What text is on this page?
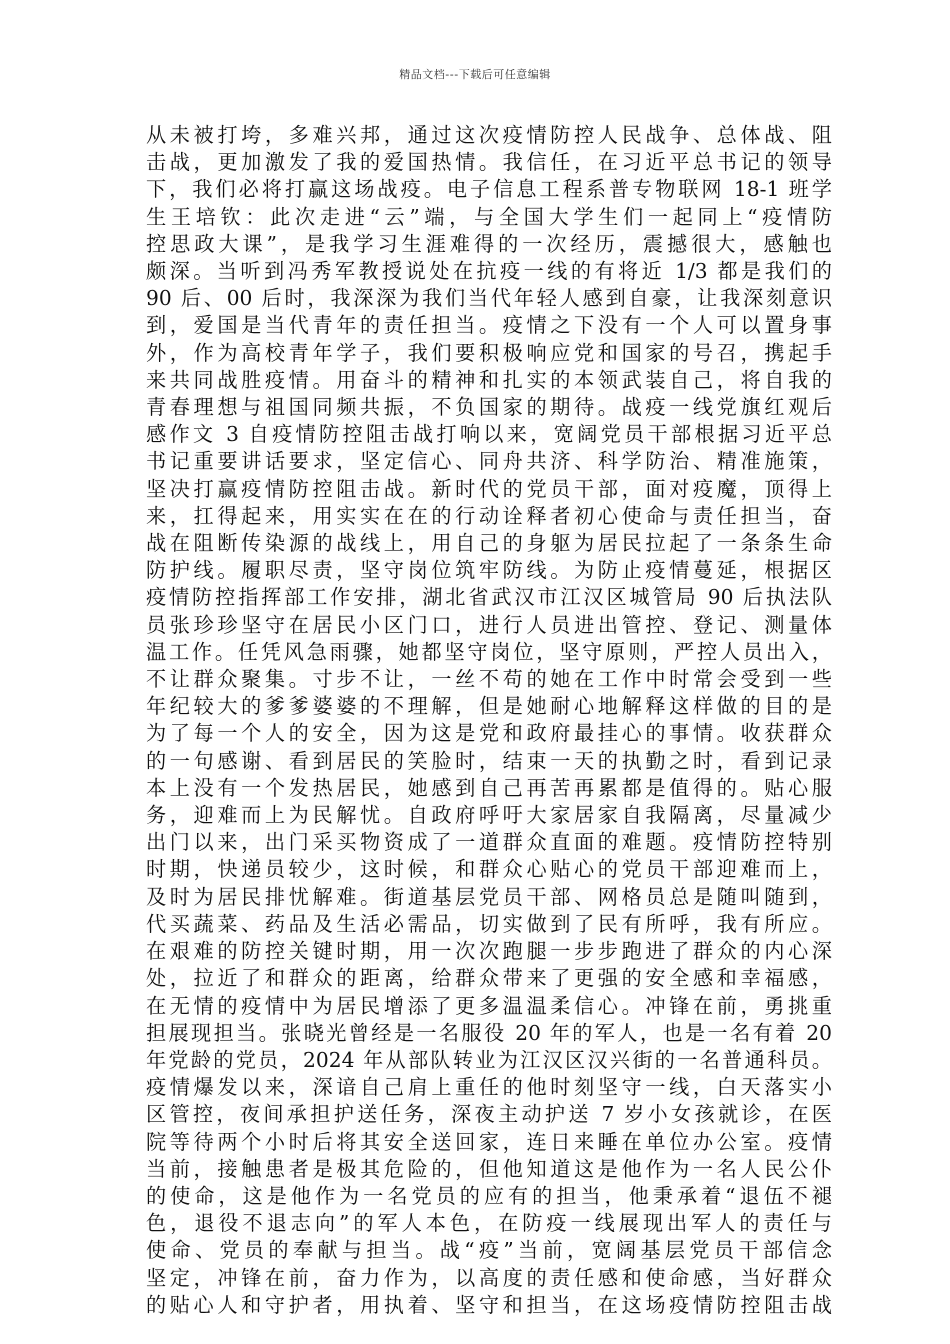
精品文档---下载后可任意编辑
从未被打垮，多难兴邦，通过这次疫情防控人民战争、总体战、阻
击战，更加激发了我的爱国热情。我信任，在习近平总书记的领导
下，我们必将打赢这场战疫。电子信息工程系普专物联网 18-1 班学
生王培钦：此次走进“云”端，与全国大学生们一起同上“疫情防
控思政大课”，是我学习生涯难得的一次经历，震撼很大，感触也
颇深。当听到冯秀军教授说处在抗疫一线的有将近 1/3 都是我们的
90 后、00 后时，我深深为我们当代年轻人感到自豪，让我深刻意识
到，爱国是当代青年的责任担当。疫情之下没有一个人可以置身事
外，作为高校青年学子，我们要积极响应党和国家的号召，携起手
来共同战胜疫情。用奋斗的精神和扎实的本领武装自己，将自我的
青春理想与祖国同频共振，不负国家的期待。战疫一线党旗红观后
感作文 3 自疫情防控阻击战打响以来，宽阔党员干部根据习近平总
书记重要讲话要求，坚定信心、同舟共济、科学防治、精准施策，
坚决打赢疫情防控阻击战。新时代的党员干部，面对疫魔，顶得上
来，扛得起来，用实实在在的行动诠释者初心使命与责任担当，奋
战在阻断传染源的战线上，用自己的身躯为居民拉起了一条条生命
防护线。履职尽责，坚守岗位筑牢防线。为防止疫情蔓延，根据区
疫情防控指挥部工作安排，湖北省武汉市江汉区城管局 90 后执法队
员张珍珍坚守在居民小区门口，进行人员进出管控、登记、测量体
温工作。任凭风急雨骤，她都坚守岗位，坚守原则，严控人员出入，
不让群众聚集。寸步不让，一丝不苟的她在工作中时常会受到一些
年纪较大的爹爹婆婆的不理解，但是她耐心地解释这样做的目的是
为了每一个人的安全，因为这是党和政府最挂心的事情。收获群众
的一句感谢、看到居民的笑脸时，结束一天的执勤之时，看到记录
本上没有一个发热居民，她感到自己再苦再累都是值得的。贴心服
务，迎难而上为民解忧。自政府呼吁大家居家自我隔离，尽量减少
出门以来，出门采买物资成了一道群众直面的难题。疫情防控特别
时期，快递员较少，这时候，和群众心贴心的党员干部迎难而上，
及时为居民排忧解难。街道基层党员干部、网格员总是随叫随到，
代买蔬菜、药品及生活必需品，切实做到了民有所呼，我有所应。
在艰难的防控关键时期，用一次次跑腿一步步跑进了群众的内心深
处，拉近了和群众的距离，给群众带来了更强的安全感和幸福感，
在无情的疫情中为居民增添了更多温温柔信心。冲锋在前，勇挑重
担展现担当。张晓光曾经是一名服役 20 年的军人，也是一名有着 20
年党龄的党员，2024 年从部队转业为江汉区汉兴街的一名普通科员。
疫情爆发以来，深谙自己肩上重任的他时刻坚守一线，白天落实小
区管控，夜间承担护送任务，深夜主动护送 7 岁小女孩就诊，在医
院等待两个小时后将其安全送回家，连日来睡在单位办公室。疫情
当前，接触患者是极其危险的，但他知道这是他作为一名人民公仆
的使命，这是他作为一名党员的应有的担当，他秉承着“退伍不褪
色，退役不退志向”的军人本色，在防疫一线展现出军人的责任与
使命、党员的奉献与担当。战“疫”当前，宽阔基层党员干部信念
坚定，冲锋在前，奋力作为，以高度的责任感和使命感，当好群众
的贴心人和守护者，用执着、坚守和担当，在这场疫情防控阻击战
